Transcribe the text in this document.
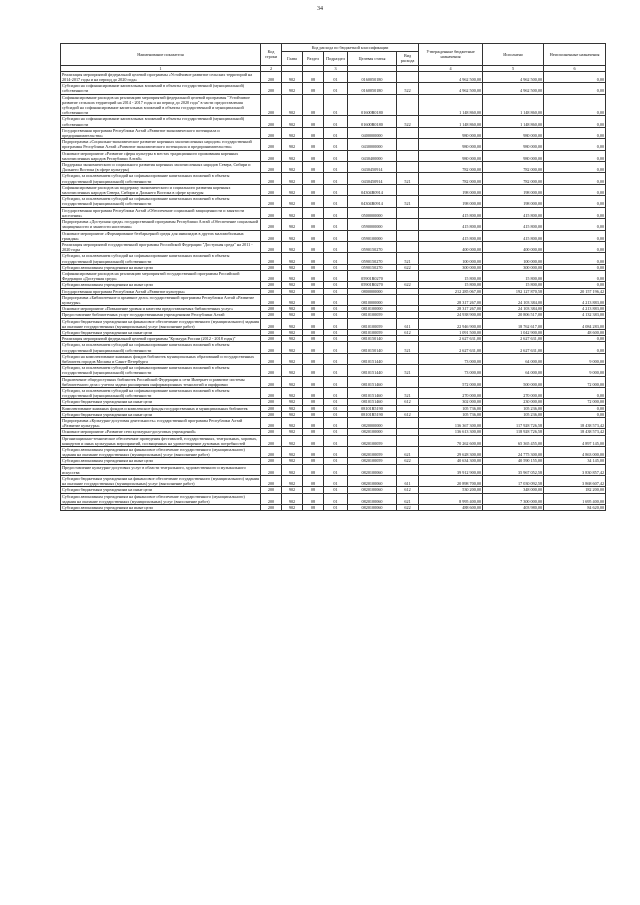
34
Наименование показателя	Код строки	Код расхода по бюджетной классификации					Утвержденные бюджетные назначения	Исполнено	Неисполненные назначения
		Глава	Раздел	Подраздел	Целевая статья	Вид расхода			
1	2			3			4	5	6
Реализация мероприятий федеральной целевой программы «Устойчивое развитие сельских территорий на 2014-2017 годы и на период до 2020 года»	200	902	08	01	0160050180		4 962 500,00	4 962 500,00	0,00
Субсидии на софинансирование капитальных вложений в объекты государственной (муниципальной) собственности	200	902	08	01	0160050180	522	4 962 500,00	4 962 500,00	0,00
Софинансирование расходов на реализацию мероприятий федеральной целевой программы "Устойчивое развитие сельских территорий на 2014 - 2017 годы и на период до 2020 года" в части предоставления субсидий на софинансирование капитальных вложений в объекты государственной и муниципальной собственности	200	902	08	01	01600R0180		1 148 860,00	1 148 860,00	0,00
Субсидии на софинансирование капитальных вложений в объекты государственной (муниципальной) собственности	200	902	08	01	01600R0180	522	1 148 860,00	1 148 860,00	0,00
Государственная программа Республики Алтай «Развитие экономического потенциала и предпринимательства»	200	902	08	01	0400000000		980 000,00	980 000,00	0,00
Подпрограмма «Социально-экономическое развитие коренных малочисленных народов» государственной программы Республики Алтай «Развитие экономического потенциала и предпринимательства»	200	902	08	01	0430000000		980 000,00	980 000,00	0,00
Основное мероприятие «Развитие сферы культуры в местах традиционного проживания коренных малочисленных народов Республики Алтай»	200	902	08	01	0430400000		980 000,00	980 000,00	0,00
Поддержка экономического и социального развития коренных малочисленных народов Севера, Сибири и Дальнего Востока (в сфере культуры)	200	902	08	01	0430450914		782 000,00	782 000,00	0,00
Субсидии, за исключением субсидий на софинансирование капитальных вложений в объекты государственной (муниципальной) собственности	200	902	08	01	0430450914	521	782 000,00	782 000,00	0,00
Софинансирование расходов на поддержку экономического и социального развития коренных малочисленных народов Севера, Сибири и Дальнего Востока в сфере культуры	200	902	08	01	04304R0914		198 000,00	198 000,00	0,00
Субсидии, за исключением субсидий на софинансирование капитальных вложений в объекты государственной (муниципальной) собственности	200	902	08	01	04304R0914	521	198 000,00	198 000,00	0,00
Государственная программа Республики Алтай «Обеспечение социальной защищенности и занятости населения»	200	902	08	01	0500000000		415 800,00	415 800,00	0,00
Подпрограмма «Доступная среда» государственной программы Республики Алтай «Обеспечение социальной защищенности и занятости населения»	200	902	08	01	0590000000		415 800,00	415 800,00	0,00
Основное мероприятие «Формирование безбарьерной среды для инвалидов в других маломобильных граждан»	200	902	08	01	0590100000		415 800,00	415 800,00	0,00
Реализация мероприятий государственной программы Российской Федерации "Доступная среда" на 2011 - 2020 годы	200	902	08	01	0590150270		400 000,00	400 000,00	0,00
Субсидии, за исключением субсидий на софинансирование капитальных вложений в объекты государственной (муниципальной) собственности	200	902	08	01	0590150270	521	100 000,00	100 000,00	0,00
Субсидии автономным учреждениям на иные цели	200	902	08	01	0590150270	622	300 000,00	300 000,00	0,00
Софинансирование расходов на реализацию мероприятий государственной программы Российской Федерации «Доступная среда»	200	902	08	01	05901R0270		15 800,00	15 800,00	0,00
Субсидии автономным учреждениям на иные цели	200	902	08	01	05901R0270	622	15 800,00	15 800,00	0,00
Государственная программа Республики Алтай «Развитие культуры»	200	902	08	01	0800000000		212 285 067,00	192 127 870,58	20 157 196,42
Подпрограмма «Библиотечное и архивное дело» государственной программы Республики Алтай «Развитие культуры»	200	902	08	01	0810000000		28 317 267,00	24 103 384,00	4 213 883,00
Основное мероприятие «Повышение уровня и качества предоставляемых библиотечных услуг»	200	902	08	01	0810100000		28 317 267,00	24 103 384,00	4 213 883,00
Предоставление библиотечных услуг государственными учреждениями Республики Алтай	200	902	08	01	0810100059		24 938 900,00	20 806 517,00	4 132 383,00
Субсидии бюджетным учреждениям на финансовое обеспечение государственного (муниципального) задания на оказание государственных (муниципальных) услуг (выполнение работ)	200	902	08	01	0810100059	611	22 946 900,00	18 762 617,00	4 084 283,00
Субсидии бюджетным учреждениям на иные цели	200	902	08	01	0810100059	612	1 091 500,00	1 042 900,00	48 600,00
Реализация мероприятий федеральной целевой программы "Культура России (2012 - 2018 годы)"	200	902	08	01	0810150140		2 627 631,00	2 627 631,00	0,00
Субсидии, за исключением субсидий на софинансирование капитальных вложений в объекты государственной (муниципальной) собственности	200	902	08	01	0810150140	521	2 627 631,00	2 627 631,00	0,00
Субсидии на комплектование книжных фондов библиотек муниципальных образований и государственных библиотек городов Москвы и Санкт-Петербурга	200	902	08	01	0810151440		73 000,00	64 000,00	9 000,00
Субсидии, за исключением субсидий на софинансирование капитальных вложений в объекты государственной (муниципальной) собственности	200	902	08	01	0810151440	521	73 000,00	64 000,00	9 000,00
Подключение общедоступных библиотек Российской Федерации к сети Интернет и развитие системы библиотечного дела с учетом задачи расширения информационных технологий и оцифровки	200	902	08	01	0810151460		572 000,00	500 000,00	72 000,00
Субсидии, за исключением субсидий на софинансирование капитальных вложений в объекты государственной (муниципальной) собственности	200	902	08	01	0810151460	521	270 000,00	270 000,00	0,00
Субсидии бюджетным учреждениям на иные цели	200	902	08	01	0810151460	612	302 000,00	230 000,00	72 000,00
Комплектование книжных фондов и комплексное фонды государственных и муниципальных библиотек	200	902	08	01	08101R5190		105 736,00	105 236,00	0,00
Субсидии бюджетным учреждениям на иные цели	200	902	08	01	08101R5190	612	105 736,00	105 236,00	0,00
Подпрограмма «Культурно-досуговая деятельность» государственной программы Республики Алтай «Развитие культуры»	200	902	08	01	0820000000		136 367 300,00	117 928 726,58	18 438 573,42
Основное мероприятие «Развитие сети культурно-досуговых учреждений»	200	902	08	01	0820100000		136 613 300,00	118 928 726,58	18 438 573,42
Организационно-техническое обеспечение проведения фестивалей, государственных, театральных, хоровых, концертов и иных культурных мероприятий, посвященных на удовлетворение духовных потребностей	200	902	08	01	0820100059		70 262 600,00	65 365 455,00	4 897 145,00
Субсидии автономным учреждениям на финансовое обеспечение государственного (муниципального) задания на оказание государственных (муниципальных) услуг (выполнение работ)	200	902	08	01	0820100059	621	29 628 300,00	24 775 300,00	4 863 000,00
Субсидии автономным учреждениям на иные цели	200	902	08	01	0820100059	622	40 634 300,00	40 590 155,00	34 145,00
Предоставление культурно-досуговых услуг в области театрального, художественного и музыкального искусства	200	902	08	01	0820100060		39 912 900,00	35 967 052,58	3 830 857,42
Субсидии бюджетным учреждениям на финансовое обеспечение государственного (муниципального) задания на оказание государственных (муниципальных) услуг (выполнение работ)	200	902	08	01	0820100060	611	20 898 700,00	17 030 092,58	3 868 607,42
Субсидии бюджетным учреждениям на иные цели	200	902	08	01	0820100060	612	530 200,00	348 000,00	182 200,00
Субсидии автономным учреждениям на финансовое обеспечение государственного (муниципального) задания на оказание государственных (муниципальных) услуг (выполнение работ)	200	902	08	01	0820100060	621	8 995 400,00	7 300 000,00	1 695 400,00
Субсидии автономным учреждениям на иные цели	200	902	08	01	0820100060	622	488 600,00	403 980,00	84 620,00
